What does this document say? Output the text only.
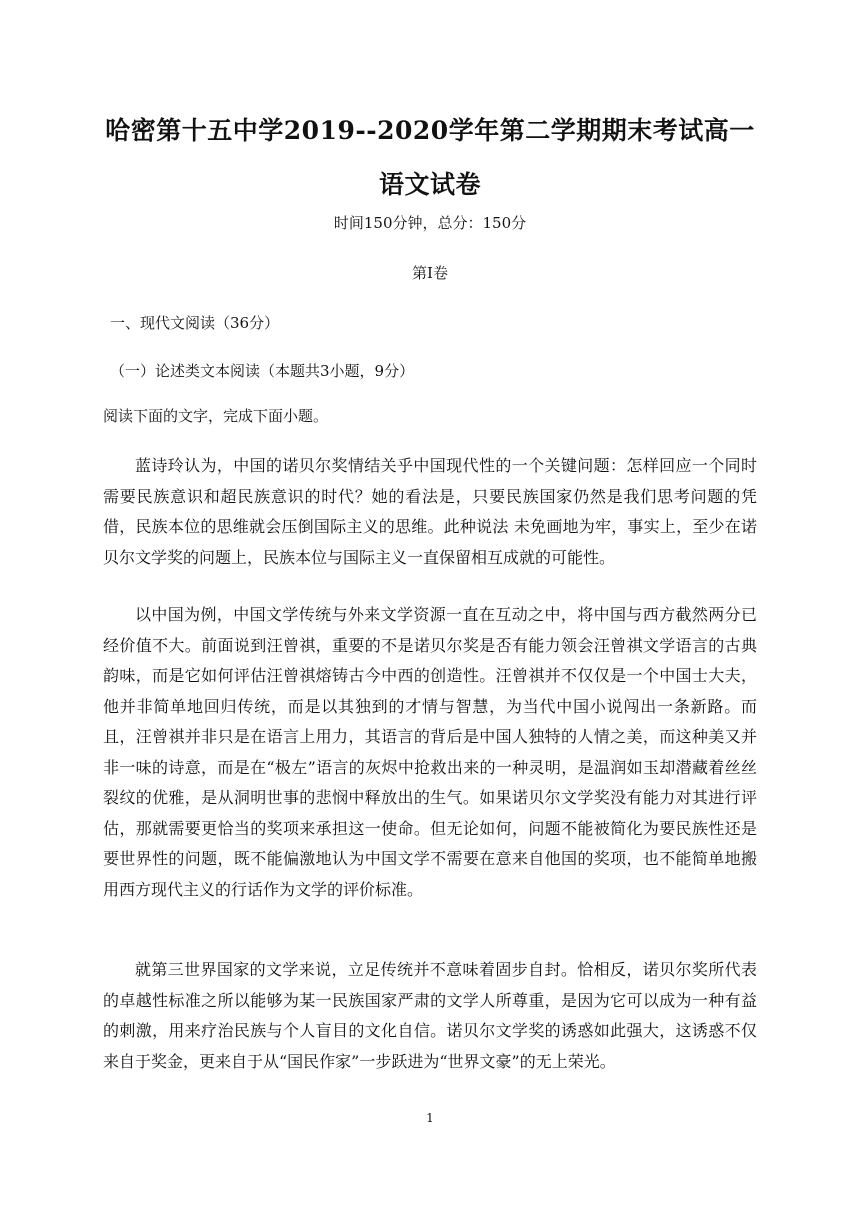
哈密第十五中学2019--2020学年第二学期期末考试高一语文试卷
时间150分钟，总分：150分
第Ⅰ卷
一、现代文阅读（36分）
（一）论述类文本阅读（本题共3小题，9分）
阅读下面的文字，完成下面小题。

蓝诗玲认为，中国的诺贝尔奖情结关乎中国现代性的一个关键问题：怎样回应一个同时需要民族意识和超民族意识的时代？她的看法是，只要民族国家仍然是我们思考问题的凭借，民族本位的思维就会压倒国际主义的思维。此种说法 未免画地为牢，事实上，至少在诺贝尔文学奖的问题上，民族本位与国际主义一直保留相互成就的可能性。

以中国为例，中国文学传统与外来文学资源一直在互动之中，将中国与西方截然两分已经价值不大。前面说到汪曾祺，重要的不是诺贝尔奖是否有能力领会汪曾祺文学语言的古典韵味，而是它如何评估汪曾祺熔铸古今中西的创造性。汪曾祺并不仅仅是一个中国士大夫，他并非简单地回归传统，而是以其独到的才情与智慧，为当代中国小说闯出一条新路。而且，汪曾祺并非只是在语言上用力，其语言的背后是中国人独特的人情之美，而这种美又并非一味的诗意，而是在“极左”语言的灰烬中抢救出来的一种灵明，是温润如玉却潜藏着丝丝裂纹的优雅，是从洞明世事的悲悯中释放出的生气。如果诺贝尔文学奖没有能力对其进行评估，那就需要更恰当的奖项来承担这一使命。但无论如何，问题不能被简化为要民族性还是要世界性的问题，既不能偏激地认为中国文学不需要在意来自他国的奖项，也不能简单地搬用西方现代主义的行话作为文学的评价标准。

就第三世界国家的文学来说，立足传统并不意味着固步自封。恰相反，诺贝尔奖所代表的卓越性标准之所以能够为某一民族国家严肃的文学人所尊重，是因为它可以成为一种有益的刺激，用来疗治民族与个人盲目的文化自信。诺贝尔文学奖的诱惑如此强大，这诱惑不仅来自于奖金，更来自于从“国民作家”一步跃进为“世界文豪”的无上荣光。

1
